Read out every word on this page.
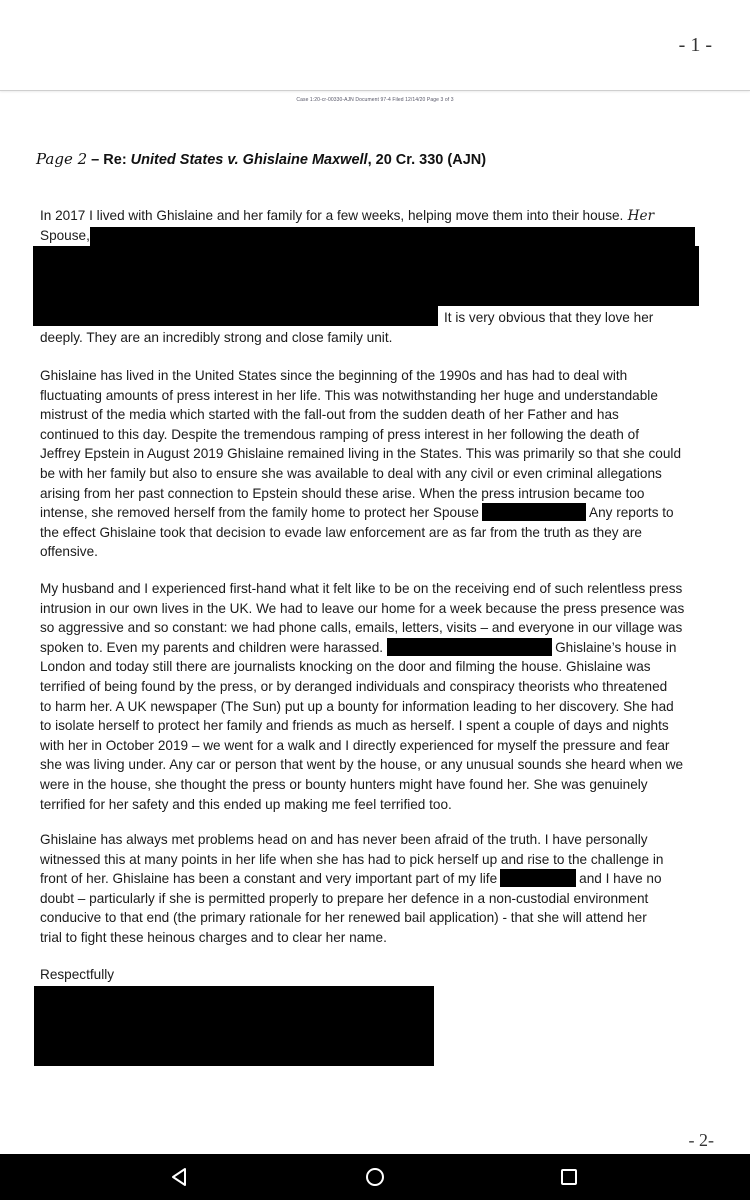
- 1 -
Case 1:20-cr-00330-AJN Document 97-4 Filed 12/14/20 Page 3 of 3
Page 2 – Re: United States v. Ghislaine Maxwell, 20 Cr. 330 (AJN)
In 2017 I lived with Ghislaine and her family for a few weeks, helping move them into their house. Her
Spouse,
It is very obvious that they love her
deeply. They are an incredibly strong and close family unit.
Ghislaine has lived in the United States since the beginning of the 1990s and has had to deal with
fluctuating amounts of press interest in her life. This was notwithstanding her huge and understandable
mistrust of the media which started with the fall-out from the sudden death of her Father and has
continued to this day. Despite the tremendous ramping of press interest in her following the death of
Jeffrey Epstein in August 2019 Ghislaine remained living in the States. This was primarily so that she could
be with her family but also to ensure she was available to deal with any civil or even criminal allegations
arising from her past connection to Epstein should these arise. When the press intrusion became too
intense, she removed herself from the family home to protect her Spouse	Any reports to
the effect Ghislaine took that decision to evade law enforcement are as far from the truth as they are
offensive.
My husband and I experienced first-hand what it felt like to be on the receiving end of such relentless press
intrusion in our own lives in the UK. We had to leave our home for a week because the press presence was
so aggressive and so constant: we had phone calls, emails, letters, visits – and everyone in our village was
spoken to. Even my parents and children were harassed.	Ghislaine’s house in
London and today still there are journalists knocking on the door and filming the house. Ghislaine was
terrified of being found by the press, or by deranged individuals and conspiracy theorists who threatened
to harm her. A UK newspaper (The Sun) put up a bounty for information leading to her discovery. She had
to isolate herself to protect her family and friends as much as herself. I spent a couple of days and nights
with her in October 2019 – we went for a walk and I directly experienced for myself the pressure and fear
she was living under. Any car or person that went by the house, or any unusual sounds she heard when we
were in the house, she thought the press or bounty hunters might have found her. She was genuinely
terrified for her safety and this ended up making me feel terrified too.
Ghislaine has always met problems head on and has never been afraid of the truth. I have personally
witnessed this at many points in her life when she has had to pick herself up and rise to the challenge in
front of her. Ghislaine has been a constant and very important part of my life	and I have no
doubt – particularly if she is permitted properly to prepare her defence in a non-custodial environment
conducive to that end (the primary rationale for her renewed bail application) - that she will attend her
trial to fight these heinous charges and to clear her name.
Respectfully
- 2-
